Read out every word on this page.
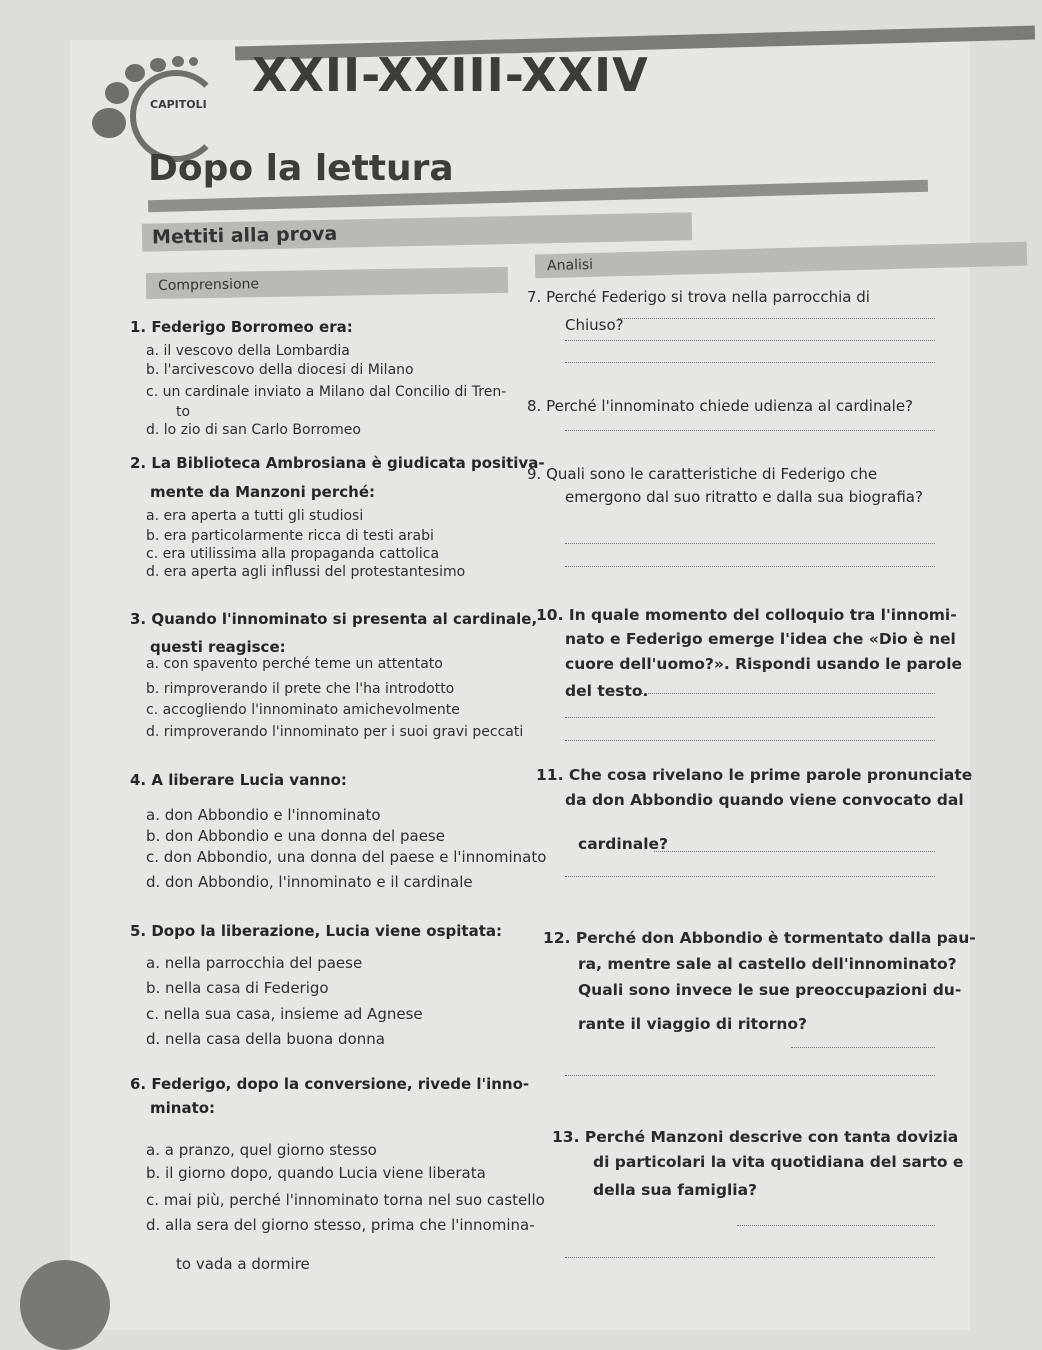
CAPITOLI
XXII-XXIII-XXIV
Dopo la lettura
Mettiti alla prova
Comprensione
Analisi
1. Federigo Borromeo era:
a. il vescovo della Lombardia
b. l'arcivescovo della diocesi di Milano
c. un cardinale inviato a Milano dal Concilio di Tren-
to
d. lo zio di san Carlo Borromeo
2. La Biblioteca Ambrosiana è giudicata positiva-
mente da Manzoni perché:
a. era aperta a tutti gli studiosi
b. era particolarmente ricca di testi arabi
c. era utilissima alla propaganda cattolica
d. era aperta agli influssi del protestantesimo
3. Quando l'innominato si presenta al cardinale,
questi reagisce:
a. con spavento perché teme un attentato
b. rimproverando il prete che l'ha introdotto
c. accogliendo l'innominato amichevolmente
d. rimproverando l'innominato per i suoi gravi peccati
4. A liberare Lucia vanno:
a. don Abbondio e l'innominato
b. don Abbondio e una donna del paese
c. don Abbondio, una donna del paese e l'innominato
d. don Abbondio, l'innominato e il cardinale
5. Dopo la liberazione, Lucia viene ospitata:
a. nella parrocchia del paese
b. nella casa di Federigo
c. nella sua casa, insieme ad Agnese
d. nella casa della buona donna
6. Federigo, dopo la conversione, rivede l'inno-
minato:
a. a pranzo, quel giorno stesso
b. il giorno dopo, quando Lucia viene liberata
c. mai più, perché l'innominato torna nel suo castello
d. alla sera del giorno stesso, prima che l'innomina-
to vada a dormire
7. Perché Federigo si trova nella parrocchia di
Chiuso?
8. Perché l'innominato chiede udienza al cardinale?
9. Quali sono le caratteristiche di Federigo che
emergono dal suo ritratto e dalla sua biografia?
10. In quale momento del colloquio tra l'innomi-
nato e Federigo emerge l'idea che «Dio è nel
cuore dell'uomo?». Rispondi usando le parole
del testo.
11. Che cosa rivelano le prime parole pronunciate
da don Abbondio quando viene convocato dal
cardinale?
12. Perché don Abbondio è tormentato dalla pau-
ra, mentre sale al castello dell'innominato?
Quali sono invece le sue preoccupazioni du-
rante il viaggio di ritorno?
13. Perché Manzoni descrive con tanta dovizia
di particolari la vita quotidiana del sarto e
della sua famiglia?
